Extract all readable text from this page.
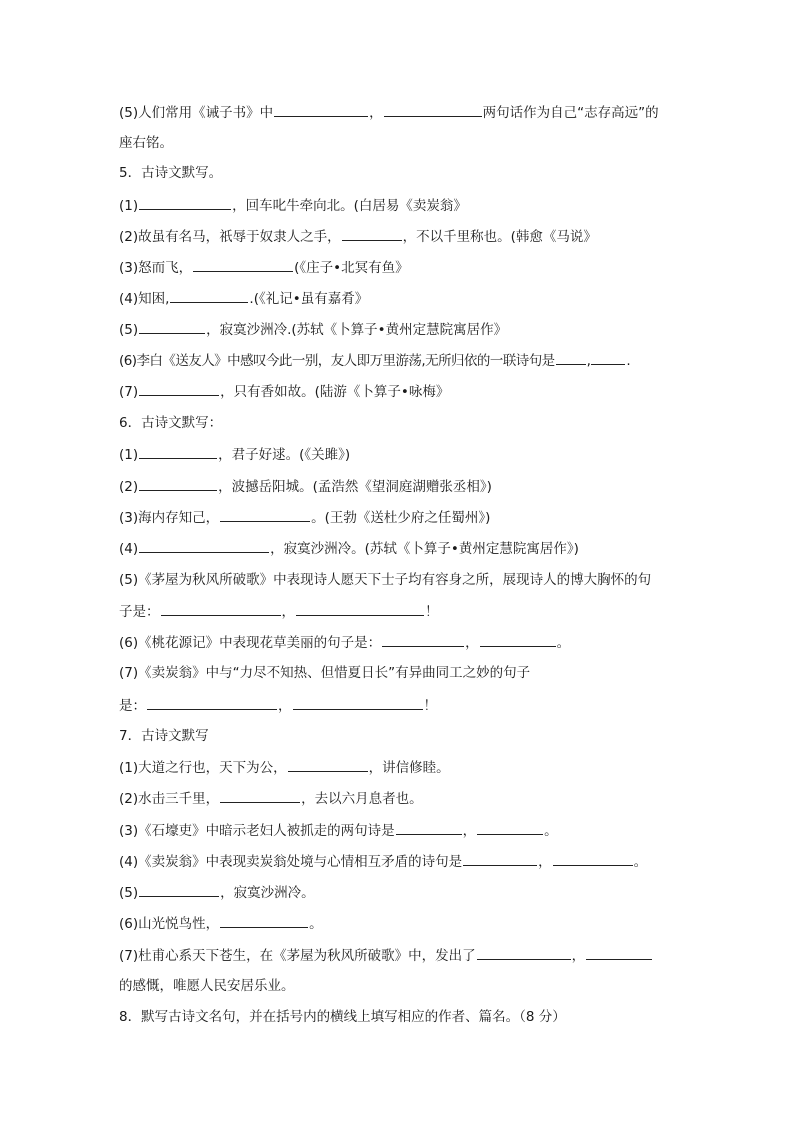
(5)人们常用《诫子书》中	，	两句话作为自己“志存高远”的
座右铭。
5．古诗文默写。
(1)	，回车叱牛牵向北。(白居易《卖炭翁》
(2)故虽有名马，祇辱于奴隶人之手，	，不以千里称也。(韩愈《马说》
(3)怒而飞，	(《庄子•北冥有鱼》
(4)知困,	.(《礼记•虽有嘉肴》
(5)	，寂寞沙洲冷.(苏轼《卜算子•黄州定慧院寓居作》
(6)李白《送友人》中感叹今此一别，友人即万里游荡,无所归依的一联诗句是 ,	.
(7)	，只有香如故。(陆游《卜算子•咏梅》
6．古诗文默写：
(1)	，君子好逑。(《关雎》)
(2)	，波撼岳阳城。(孟浩然《望洞庭湖赠张丞相》)
(3)海内存知己，	。(王勃《送杜少府之任蜀州》)
(4)	，寂寞沙洲冷。(苏轼《卜算子•黄州定慧院寓居作》)
(5)《茅屋为秋风所破歌》中表现诗人愿天下士子均有容身之所，展现诗人的博大胸怀的句
子是：	，	！
(6)《桃花源记》中表现花草美丽的句子是：	，	。
(7)《卖炭翁》中与“力尽不知热、但惜夏日长”有异曲同工之妙的句子
是：	，	！
7．古诗文默写
(1)大道之行也，天下为公，	，讲信修睦。
(2)水击三千里，	，去以六月息者也。
(3)《石壕吏》中暗示老妇人被抓走的两句诗是	，	。
(4)《卖炭翁》中表现卖炭翁处境与心情相互矛盾的诗句是	，	。
(5)	，寂寞沙洲冷。
(6)山光悦鸟性，	。
(7)杜甫心系天下苍生，在《茅屋为秋风所破歌》中，发出了	，
的感慨，唯愿人民安居乐业。
8．默写古诗文名句，并在括号内的横线上填写相应的作者、篇名。（8 分）
